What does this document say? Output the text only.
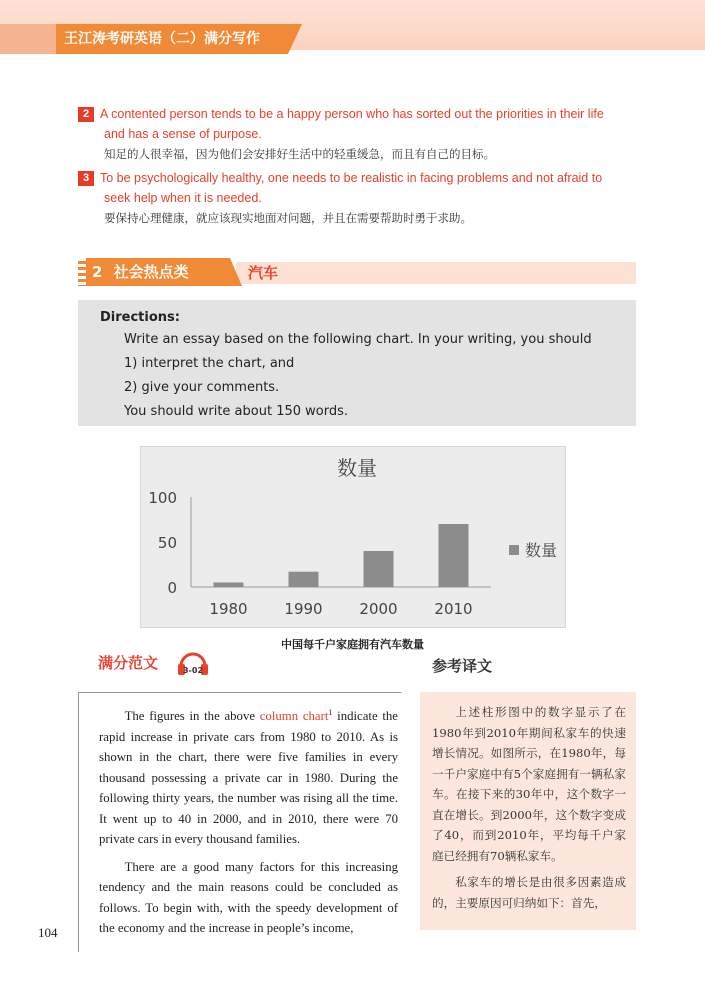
王江涛考研英语（二）满分写作
2 A contented person tends to be a happy person who has sorted out the priorities in their life
and has a sense of purpose.
知足的人很幸福，因为他们会安排好生活中的轻重缓急，而且有自己的目标。
3 To be psychologically healthy, one needs to be realistic in facing problems and not afraid to
seek help when it is needed.
要保持心理健康，就应该现实地面对问题，并且在需要帮助时勇于求助。
2 社会热点类	汽车
Directions:
Write an essay based on the following chart. In your writing, you should
1) interpret the chart, and
2) give your comments.
You should write about 150 words.
数量
0
50
100
1980 1990 2000 2010
数量
中国每千户家庭拥有汽车数量
满分范文	3-02	参考译文

The figures in the above column chart$^1$ indicate the rapid increase in private cars from 1980 to 2010. As is shown in the chart, there were five families in every thousand possessing a private car in 1980. During the following thirty years, the number was rising all the time. It went up to 40 in 2000, and in 2010, there were 70 private cars in every thousand families.

There are a good many factors for this increasing tendency and the main reasons could be concluded as follows. To begin with, with the speedy development of the economy and the increase in people’s income,

上述柱形图中的数字显示了在1980年到2010年期间私家车的快速增长情况。如图所示，在1980年，每一千户家庭中有5个家庭拥有一辆私家车。在接下来的30年中，这个数字一直在增长。到2000年，这个数字变成了40，而到2010年，平均每千户家庭已经拥有70辆私家车。

私家车的增长是由很多因素造成的，主要原因可归纳如下：首先，

104
